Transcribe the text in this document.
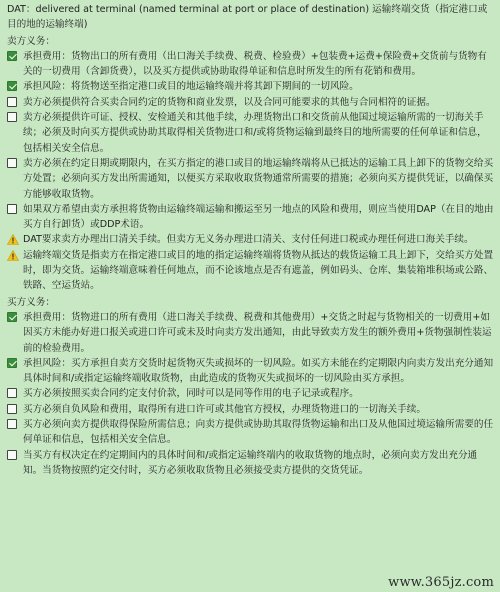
DAT：delivered at terminal (named terminal at port or place of destination) 运输终端交货（指定港口或目的地的运输终端)

卖方义务：

承担费用：货物出口的所有费用（出口海关手续费、税费、检验费）+包装费+运费+保险费+交货前与货物有关的一切费用（含卸货费），以及买方提供或协助取得单证和信息时所发生的所有花销和费用。
承担风险：将货物送至指定港口或目的地运输终端并将其卸下期间的一切风险。
卖方必须提供符合买卖合同约定的货物和商业发票，以及合同可能要求的其他与合同相符的证据。
卖方必须提供许可证、授权、安检通关和其他手续，办理货物出口和交货前从他国过境运输所需的一切海关手续；必须及时向买方提供或协助其取得相关货物进口和/或将货物运输到最终目的地所需要的任何单证和信息，包括相关安全信息。
卖方必须在约定日期或期限内，在买方指定的港口或目的地运输终端将从已抵达的运输工具上卸下的货物交给买方处置；必须向买方发出所需通知，以便买方采取收取货物通常所需要的措施；必须向买方提供凭证，以确保买方能够收取货物。
如果双方希望由卖方承担将货物由运输终端运输和搬运至另一地点的风险和费用，则应当使用DAP（在目的地由买方自行卸货）或DDP术语。
DAT要求卖方办理出口清关手续。但卖方无义务办理进口清关、支付任何进口税或办理任何进口海关手续。
运输终端交货是指卖方在指定港口或目的地的指定运输终端将货物从抵达的载货运输工具上卸下，交给买方处置时，即为交货。运输终端意味着任何地点，而不论该地点是否有遮盖，例如码头、仓库、集装箱堆积场或公路、铁路、空运货站。

买方义务：

承担费用：货物进口的所有费用（进口海关手续费、税费和其他费用）+交货之时起与货物相关的一切费用+如因买方未能办好进口报关或进口许可或未及时向卖方发出通知，由此导致卖方发生的额外费用+货物强制性装运前的检验费用。
承担风险：买方承担自卖方交货时起货物灭失或损坏的一切风险。如买方未能在约定期限内向卖方发出充分通知具体时间和/或指定运输终端收取货物，由此造成的货物灭失或损坏的一切风险由买方承担。
买方必须按照买卖合同约定支付价款，同时可以是同等作用的电子记录或程序。
买方必须自负风险和费用，取得所有进口许可或其他官方授权，办理货物进口的一切海关手续。
买方必须向卖方提供取得保险所需信息；向卖方提供或协助其取得货物运输和出口及从他国过境运输所需要的任何单证和信息，包括相关安全信息。
当买方有权决定在约定期间内的具体时间和/或指定运输终端内的收取货物的地点时，必须向卖方发出充分通知。当货物按照约定交付时，买方必须收取货物且必须接受卖方提供的交货凭证。
www.365jz.com
